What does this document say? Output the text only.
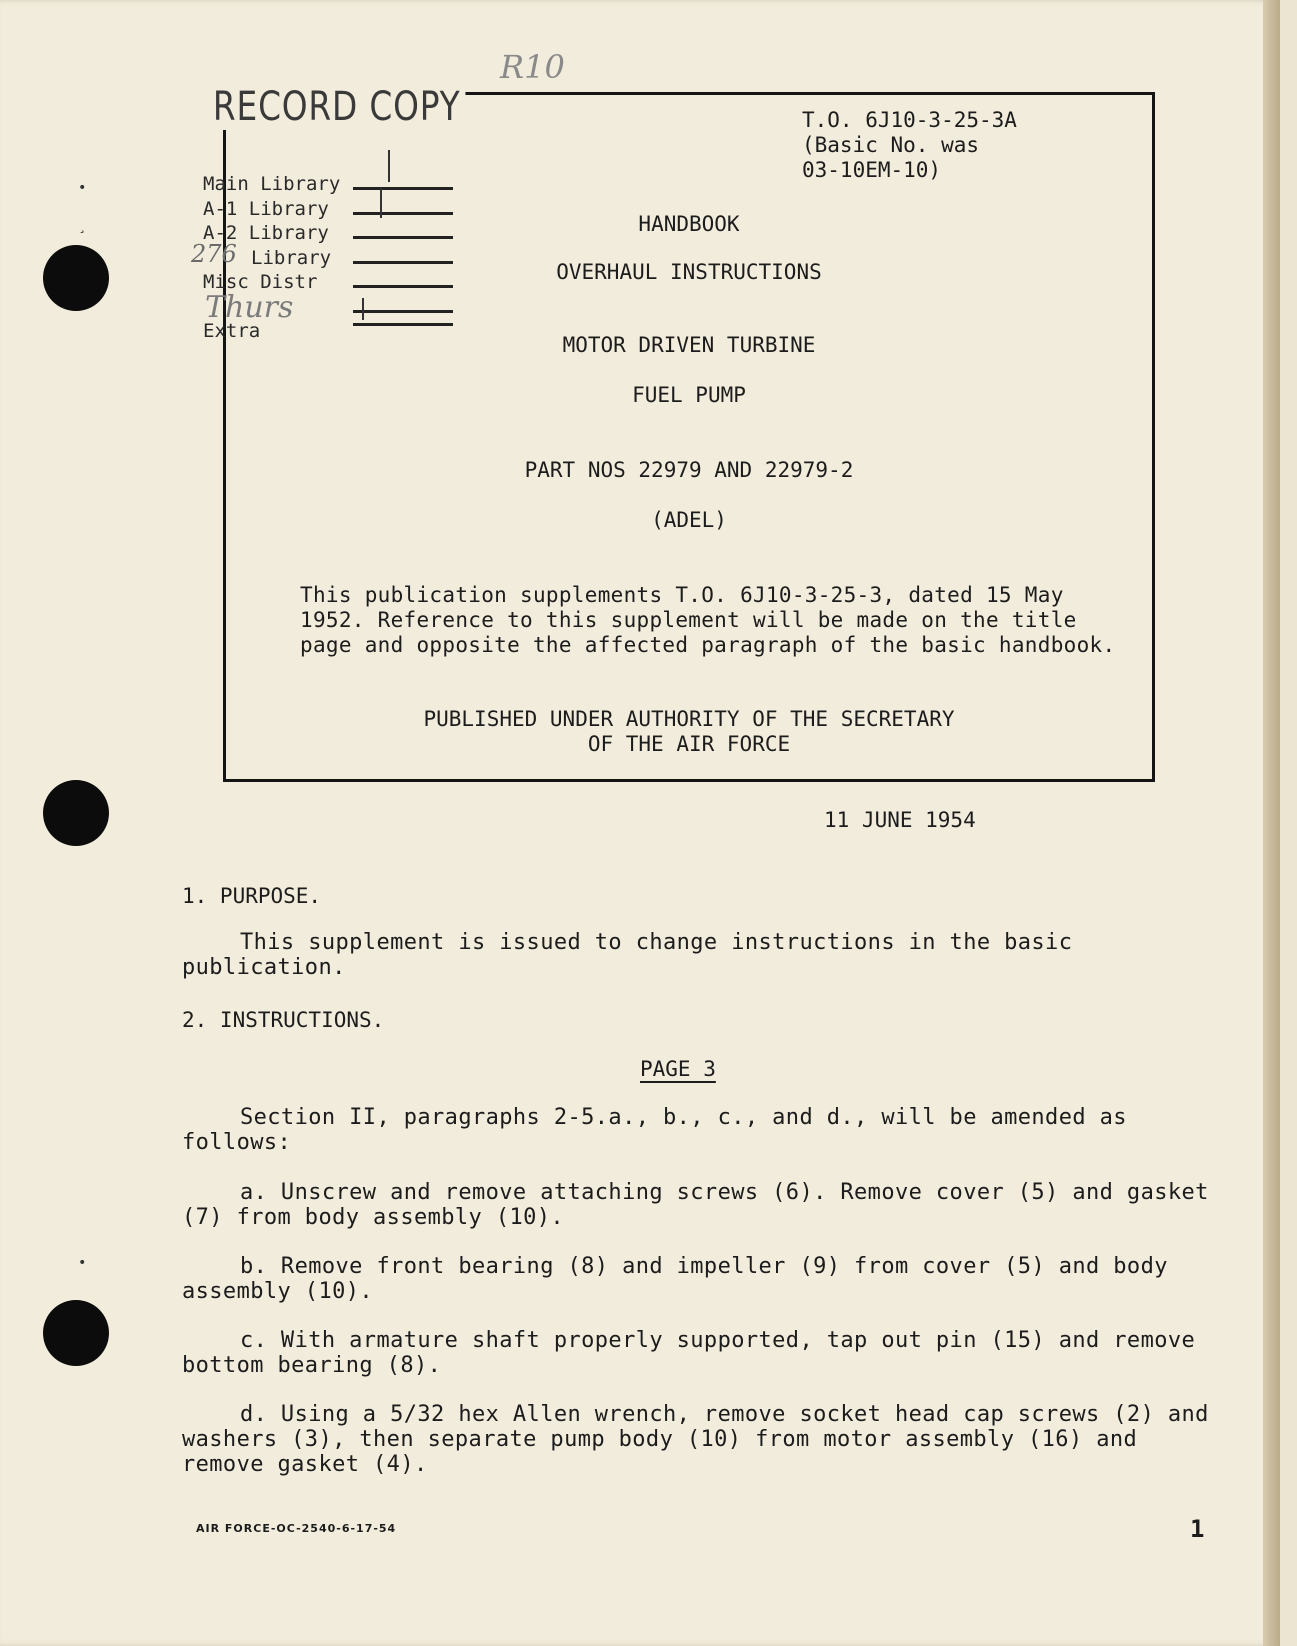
•
¸
•
R10
RECORD COPY	T.O. 6J10-3-25-3A
(Basic No. was
03-10EM-10)
Main Library
A-1 Library
A-2 Library
Library
276
Misc Distr
Extra
Thurs
HANDBOOK
OVERHAUL INSTRUCTIONS
MOTOR DRIVEN TURBINE
FUEL PUMP
PART NOS 22979 AND 22979-2
(ADEL)
This publication supplements T.O. 6J10-3-25-3, dated 15 May 1952. Reference to this supplement will be made on the title page and opposite the affected paragraph of the basic handbook.
PUBLISHED UNDER AUTHORITY OF THE SECRETARY
OF THE AIR FORCE
11 JUNE 1954
1. PURPOSE.
This supplement is issued to change instructions in the basic publication.
2. INSTRUCTIONS.
PAGE 3
Section II, paragraphs 2-5.a., b., c., and d., will be amended as follows:
a. Unscrew and remove attaching screws (6). Remove cover (5) and gasket (7) from body assembly (10).
b. Remove front bearing (8) and impeller (9) from cover (5) and body assembly (10).
c. With armature shaft properly supported, tap out pin (15) and remove bottom bearing (8).
d. Using a 5/32 hex Allen wrench, remove socket head cap screws (2) and washers (3), then separate pump body (10) from motor assembly (16) and remove gasket (4).
AIR FORCE-OC-2540-6-17-54	1
